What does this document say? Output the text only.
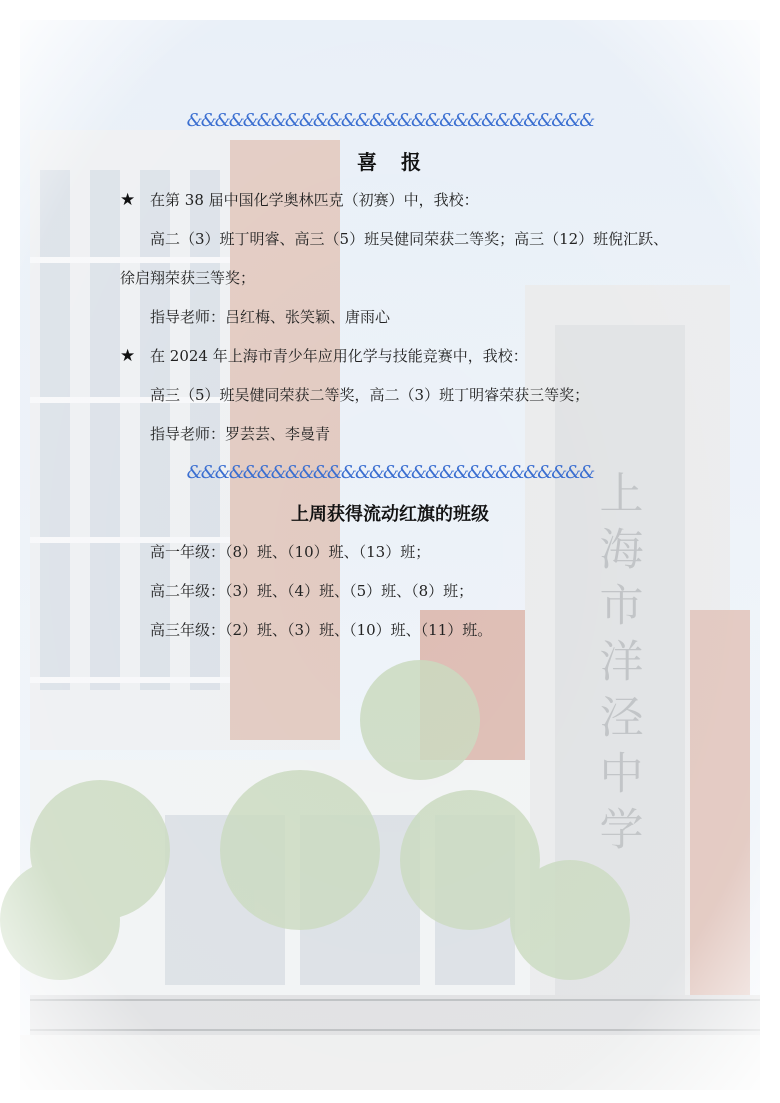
&&&&&&&&&&&&&&&&&&&&&&&&&&&&&
喜　报
★ 在第 38 届中国化学奥林匹克（初赛）中，我校：
高二（3）班丁明睿、高三（5）班吴健同荣获二等奖；高三（12）班倪汇跃、
徐启翔荣获三等奖；
指导老师：吕红梅、张笑颖、唐雨心
★ 在 2024 年上海市青少年应用化学与技能竞赛中，我校：
高三（5）班吴健同荣获二等奖，高二（3）班丁明睿荣获三等奖；
指导老师：罗芸芸、李曼青
&&&&&&&&&&&&&&&&&&&&&&&&&&&&&
上周获得流动红旗的班级
高一年级：（8）班、（10）班、（13）班；
高二年级：（3）班、（4）班、（5）班、（8）班；
高三年级：（2）班、（3）班、（10）班、（11）班。
